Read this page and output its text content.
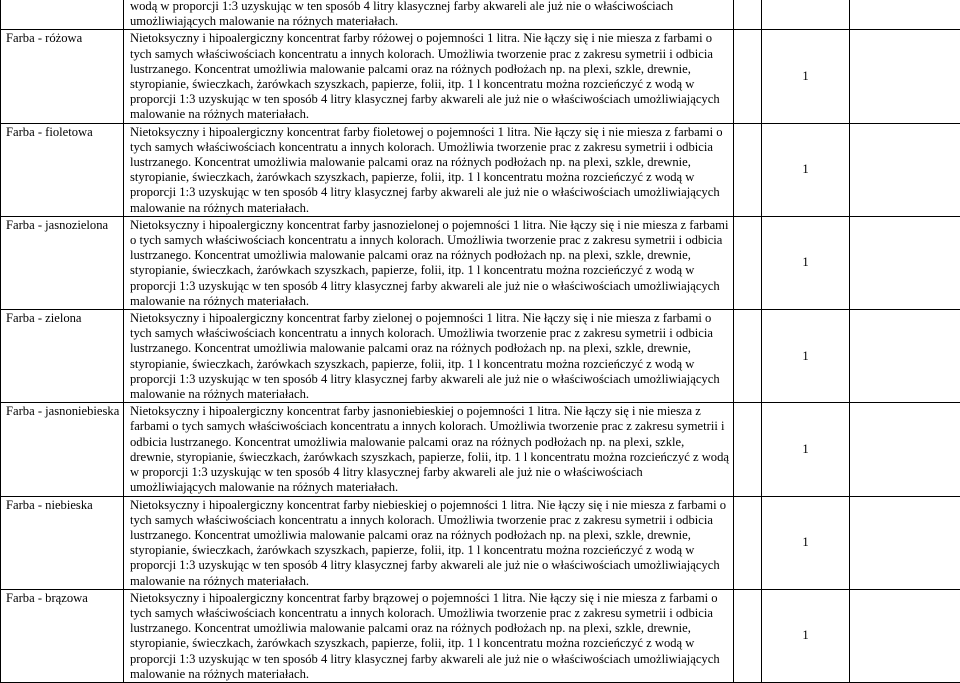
	wodą w proporcji 1:3 uzyskując w ten sposób 4 litry klasycznej farby akwareli ale już nie o właściwościach umożliwiających malowanie na różnych materiałach.			
Farba - różowa	Nietoksyczny i hipoalergiczny koncentrat farby różowej o pojemności 1 litra. Nie łączy się i nie miesza z farbami o tych samych właściwościach koncentratu a innych kolorach. Umożliwia tworzenie prac z zakresu symetrii i odbicia lustrzanego. Koncentrat umożliwia malowanie palcami oraz na różnych podłożach np. na plexi, szkle, drewnie, styropianie, świeczkach, żarówkach szyszkach, papierze, folii, itp. 1 l koncentratu można rozcieńczyć z wodą w proporcji 1:3 uzyskując w ten sposób 4 litry klasycznej farby akwareli ale już nie o właściwościach umożliwiających malowanie na różnych materiałach.		1	
Farba - fioletowa	Nietoksyczny i hipoalergiczny koncentrat farby fioletowej o pojemności 1 litra. Nie łączy się i nie miesza z farbami o tych samych właściwościach koncentratu a innych kolorach. Umożliwia tworzenie prac z zakresu symetrii i odbicia lustrzanego. Koncentrat umożliwia malowanie palcami oraz na różnych podłożach np. na plexi, szkle, drewnie, styropianie, świeczkach, żarówkach szyszkach, papierze, folii, itp. 1 l koncentratu można rozcieńczyć z wodą w proporcji 1:3 uzyskując w ten sposób 4 litry klasycznej farby akwareli ale już nie o właściwościach umożliwiających malowanie na różnych materiałach.		1	
Farba - jasnozielona	Nietoksyczny i hipoalergiczny koncentrat farby jasnozielonej o pojemności 1 litra. Nie łączy się i nie miesza z farbami o tych samych właściwościach koncentratu a innych kolorach. Umożliwia tworzenie prac z zakresu symetrii i odbicia lustrzanego. Koncentrat umożliwia malowanie palcami oraz na różnych podłożach np. na plexi, szkle, drewnie, styropianie, świeczkach, żarówkach szyszkach, papierze, folii, itp. 1 l koncentratu można rozcieńczyć z wodą w proporcji 1:3 uzyskując w ten sposób 4 litry klasycznej farby akwareli ale już nie o właściwościach umożliwiających malowanie na różnych materiałach.		1	
Farba - zielona	Nietoksyczny i hipoalergiczny koncentrat farby zielonej o pojemności 1 litra. Nie łączy się i nie miesza z farbami o tych samych właściwościach koncentratu a innych kolorach. Umożliwia tworzenie prac z zakresu symetrii i odbicia lustrzanego. Koncentrat umożliwia malowanie palcami oraz na różnych podłożach np. na plexi, szkle, drewnie, styropianie, świeczkach, żarówkach szyszkach, papierze, folii, itp. 1 l koncentratu można rozcieńczyć z wodą w proporcji 1:3 uzyskując w ten sposób 4 litry klasycznej farby akwareli ale już nie o właściwościach umożliwiających malowanie na różnych materiałach.		1	
Farba - jasnoniebieska	Nietoksyczny i hipoalergiczny koncentrat farby jasnoniebieskiej o pojemności 1 litra. Nie łączy się i nie miesza z farbami o tych samych właściwościach koncentratu a innych kolorach. Umożliwia tworzenie prac z zakresu symetrii i odbicia lustrzanego. Koncentrat umożliwia malowanie palcami oraz na różnych podłożach np. na plexi, szkle, drewnie, styropianie, świeczkach, żarówkach szyszkach, papierze, folii, itp. 1 l koncentratu można rozcieńczyć z wodą w proporcji 1:3 uzyskując w ten sposób 4 litry klasycznej farby akwareli ale już nie o właściwościach umożliwiających malowanie na różnych materiałach.		1	
Farba - niebieska	Nietoksyczny i hipoalergiczny koncentrat farby niebieskiej o pojemności 1 litra. Nie łączy się i nie miesza z farbami o tych samych właściwościach koncentratu a innych kolorach. Umożliwia tworzenie prac z zakresu symetrii i odbicia lustrzanego. Koncentrat umożliwia malowanie palcami oraz na różnych podłożach np. na plexi, szkle, drewnie, styropianie, świeczkach, żarówkach szyszkach, papierze, folii, itp. 1 l koncentratu można rozcieńczyć z wodą w proporcji 1:3 uzyskując w ten sposób 4 litry klasycznej farby akwareli ale już nie o właściwościach umożliwiających malowanie na różnych materiałach.		1	
Farba - brązowa	Nietoksyczny i hipoalergiczny koncentrat farby brązowej o pojemności 1 litra. Nie łączy się i nie miesza z farbami o tych samych właściwościach koncentratu a innych kolorach. Umożliwia tworzenie prac z zakresu symetrii i odbicia lustrzanego. Koncentrat umożliwia malowanie palcami oraz na różnych podłożach np. na plexi, szkle, drewnie, styropianie, świeczkach, żarówkach szyszkach, papierze, folii, itp. 1 l koncentratu można rozcieńczyć z wodą w proporcji 1:3 uzyskując w ten sposób 4 litry klasycznej farby akwareli ale już nie o właściwościach umożliwiających malowanie na różnych materiałach.		1	
